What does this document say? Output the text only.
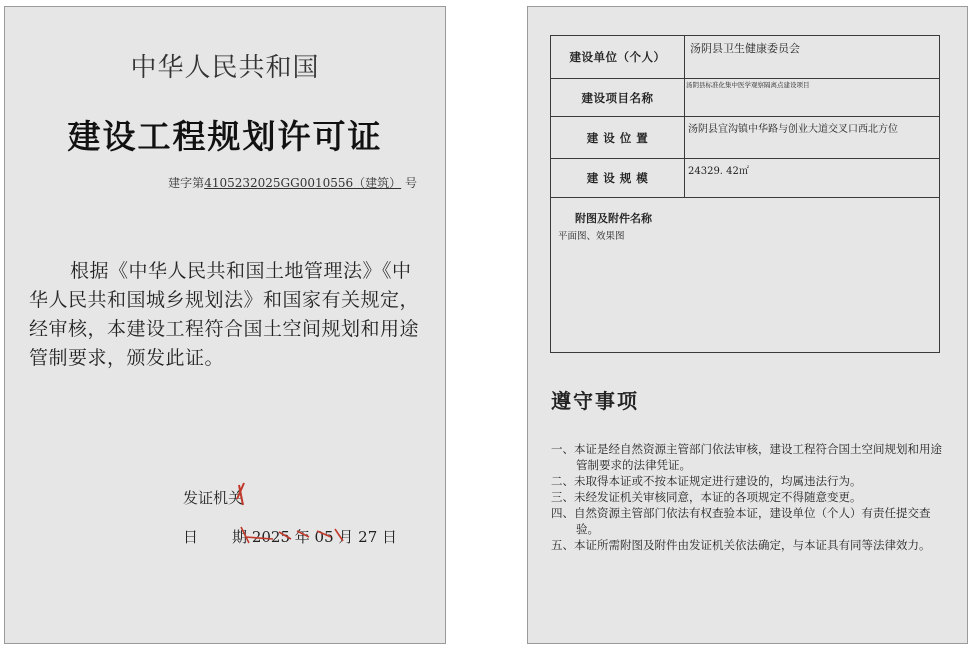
中华人民共和国
建设工程规划许可证
建字第4105232025GG0010556（建筑） 号
根据《中华人民共和国土地管理法》《中华人民共和国城乡规划法》和国家有关规定，经审核，本建设工程符合国土空间规划和用途管制要求，颁发此证。
发证机关
日 期 2025 年 05 月 27 日
建设单位（个人）	汤阴县卫生健康委员会
建设项目名称	汤阴县标准化集中医学观察隔离点建设项目
建 设 位 置	汤阴县宜沟镇中华路与创业大道交叉口西北方位
建 设 规 模	24329. 42㎡

附图及附件名称
平面图、效果图	
遵守事项
一、本证是经自然资源主管部门依法审核，建设工程符合国土空间规划和用途管制要求的法律凭证。
二、未取得本证或不按本证规定进行建设的，均属违法行为。
三、未经发证机关审核同意，本证的各项规定不得随意变更。
四、自然资源主管部门依法有权查验本证，建设单位（个人）有责任提交查验。
五、本证所需附图及附件由发证机关依法确定，与本证具有同等法律效力。
